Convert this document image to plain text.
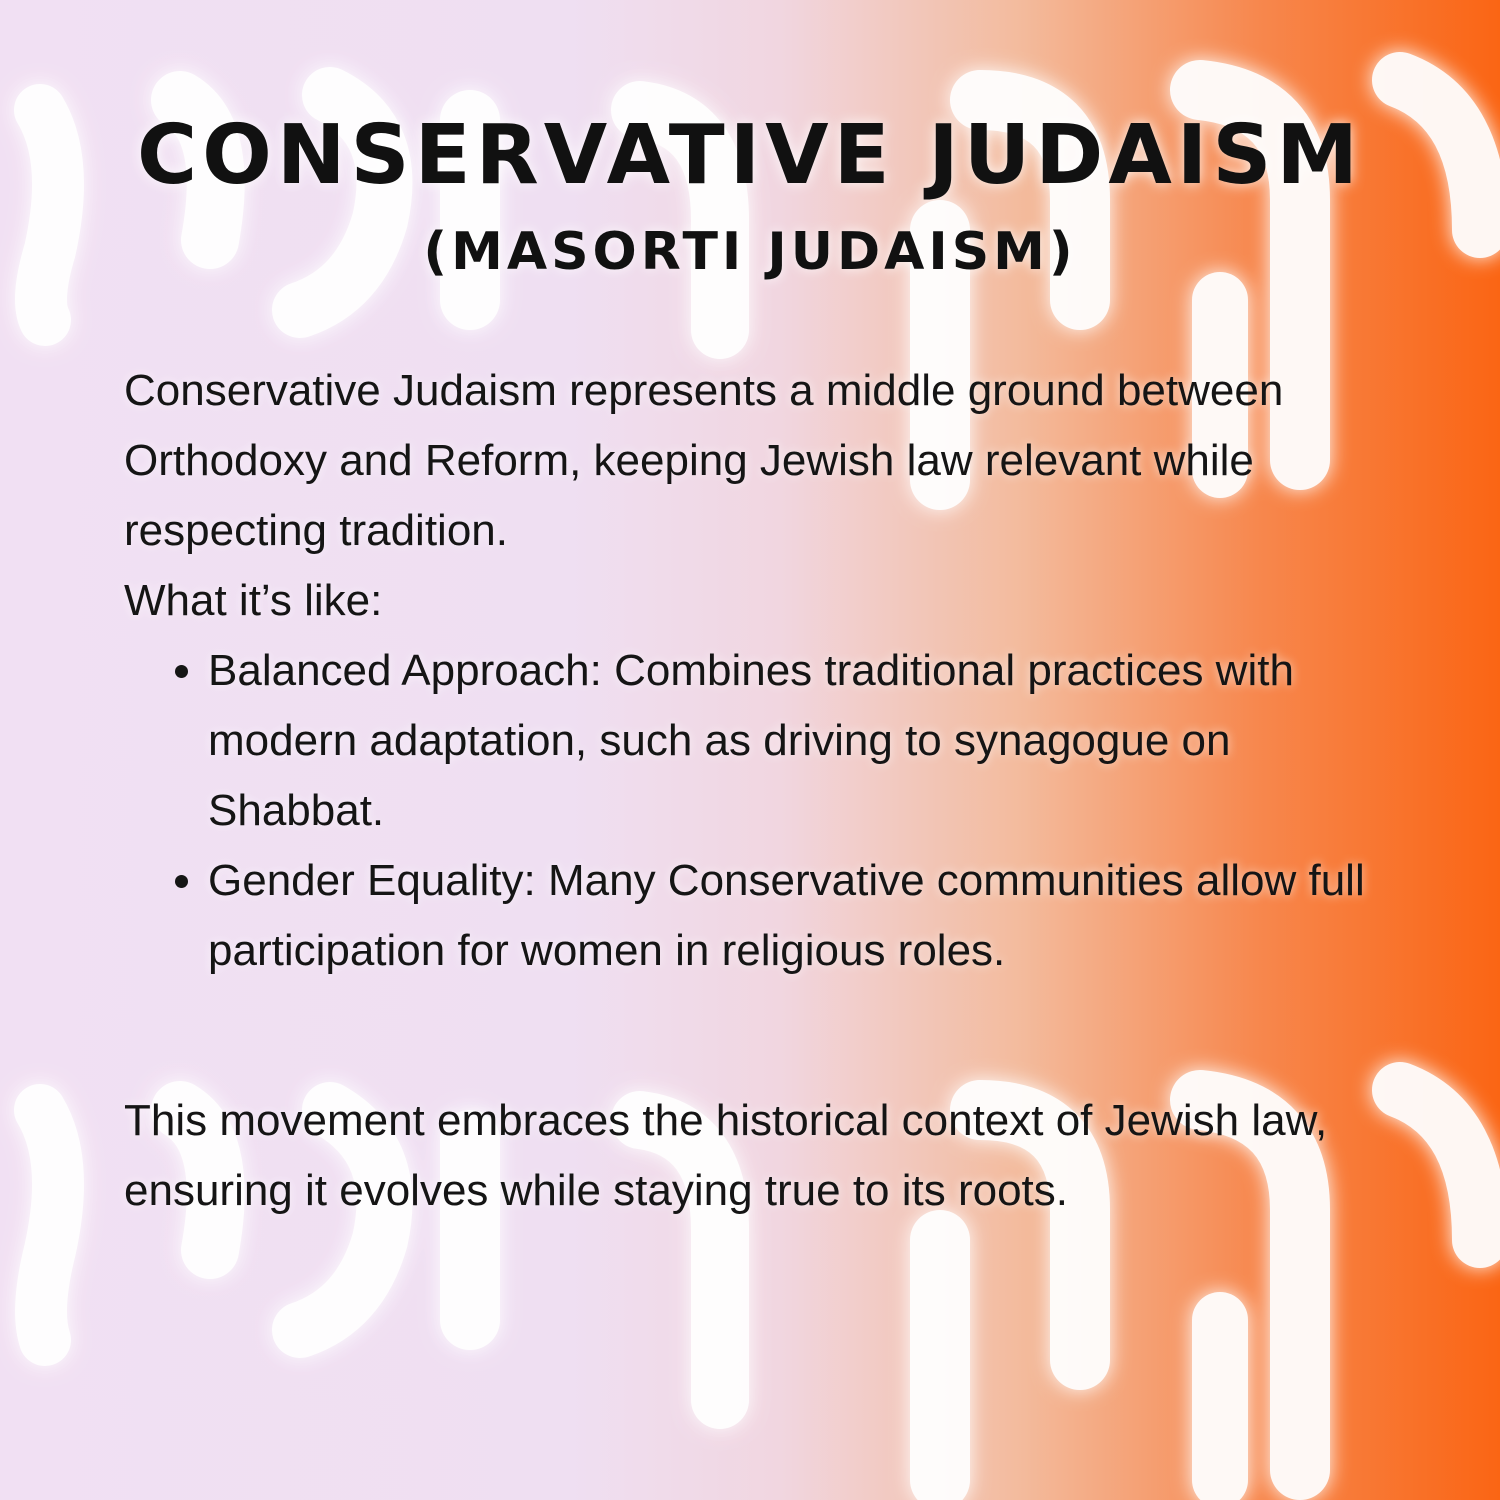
CONSERVATIVE JUDAISM
(MASORTI JUDAISM)

Conservative Judaism represents a middle ground between Orthodoxy and Reform, keeping Jewish law relevant while respecting tradition.

What it’s like:

• Balanced Approach: Combines traditional practices with modern adaptation, such as driving to synagogue on Shabbat.
• Gender Equality: Many Conservative communities allow full participation for women in religious roles.

This movement embraces the historical context of Jewish law, ensuring it evolves while staying true to its roots.
